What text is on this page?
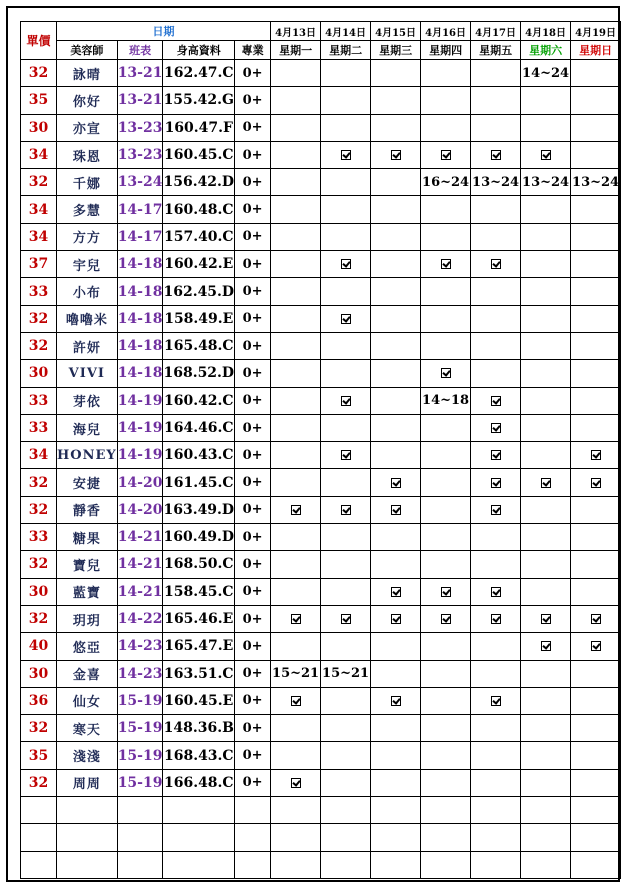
單價	日期				4月13日	4月14日	4月15日	4月16日	4月17日	4月18日	4月19日
	美容師	班表	身高資料	專業	星期一	星期二	星期三	星期四	星期五	星期六	星期日
32	詠晴	13-21	162.47.C	0+						14~24	
35	你好	13-21	155.42.G	0+							
30	亦宣	13-23	160.47.F	0+							
34	珠恩	13-23	160.45.C	0+							
32	千娜	13-24	156.42.D	0+				16~24	13~24	13~24	13~24
34	多慧	14-17	160.48.C	0+							
34	方方	14-17	157.40.C	0+							
37	宇兒	14-18	160.42.E	0+							
33	小布	14-18	162.45.D	0+							
32	嚕嚕米	14-18	158.49.E	0+							
32	許妍	14-18	165.48.C	0+							
30	VIVI	14-18	168.52.D	0+							
33	芽依	14-19	160.42.C	0+				14~18			
33	海兒	14-19	164.46.C	0+							
34	HONEY	14-19	160.43.C	0+							
32	安捷	14-20	161.45.C	0+							
32	靜香	14-20	163.49.D	0+							
33	糖果	14-21	160.49.D	0+							
32	寶兒	14-21	168.50.C	0+							
30	藍寶	14-21	158.45.C	0+							
32	玥玥	14-22	165.46.E	0+							
40	悠亞	14-23	165.47.E	0+							
30	金喜	14-23	163.51.C	0+	15~21	15~21					
36	仙女	15-19	160.45.E	0+							
32	寒天	15-19	148.36.B	0+							
35	淺淺	15-19	168.43.C	0+							
32	周周	15-19	166.48.C	0+							
